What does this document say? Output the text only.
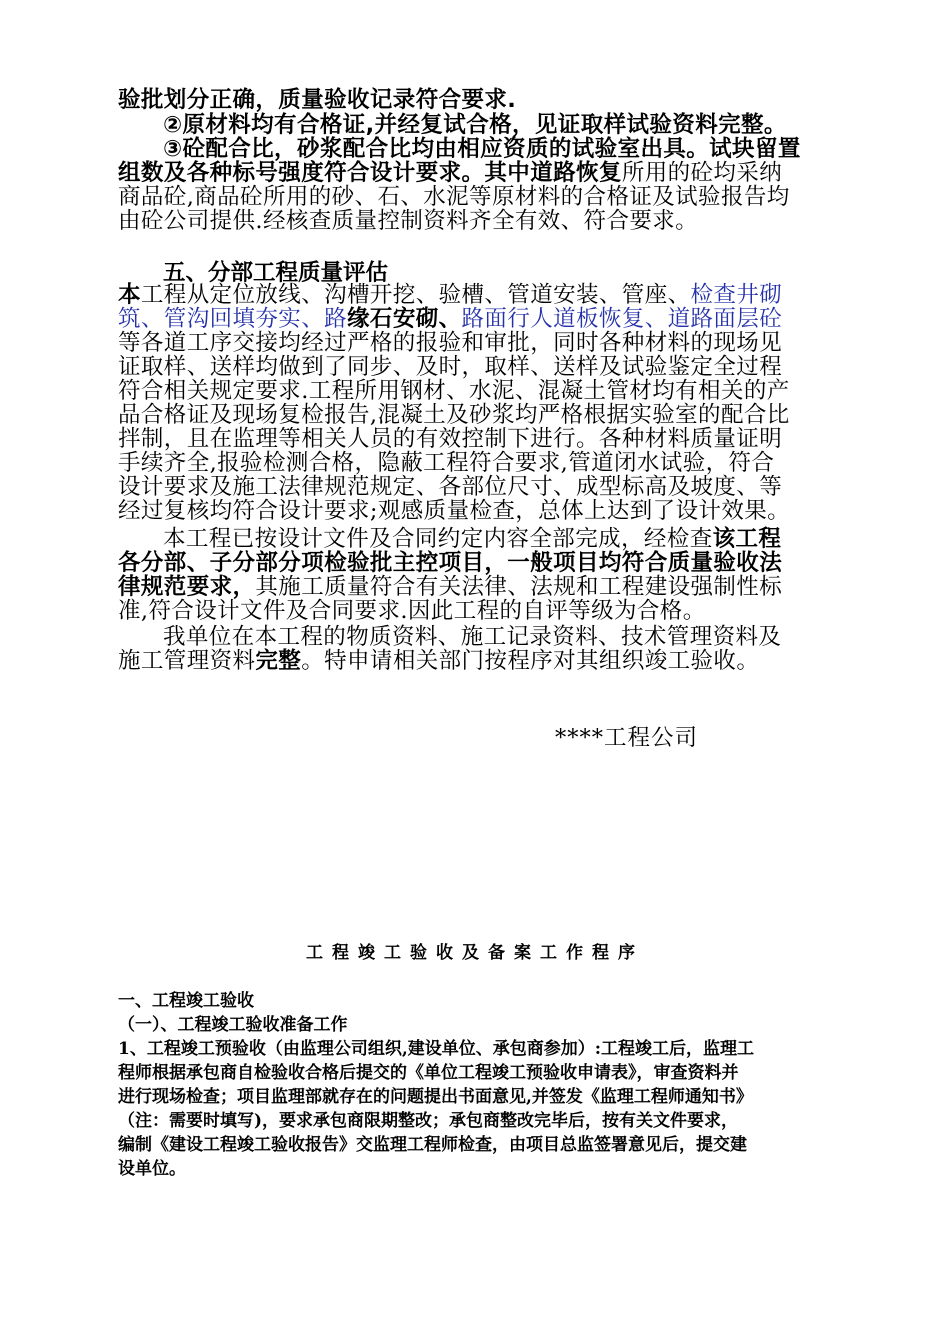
验批划分正确，质量验收记录符合要求.
②原材料均有合格证,并经复试合格，见证取样试验资料完整。
③砼配合比，砂浆配合比均由相应资质的试验室出具。试块留置
组数及各种标号强度符合设计要求。其中道路恢复所用的砼均采纳
商品砼,商品砼所用的砂、石、水泥等原材料的合格证及试验报告均
由砼公司提供.经核查质量控制资料齐全有效、符合要求。
五、分部工程质量评估
本工程从定位放线、沟槽开挖、验槽、管道安装、管座、检查井砌
筑、管沟回填夯实、路缘石安砌、路面行人道板恢复、道路面层砼
等各道工序交接均经过严格的报验和审批，同时各种材料的现场见
证取样、送样均做到了同步、及时，取样、送样及试验鉴定全过程
符合相关规定要求.工程所用钢材、水泥、混凝土管材均有相关的产
品合格证及现场复检报告,混凝土及砂浆均严格根据实验室的配合比
拌制，且在监理等相关人员的有效控制下进行。各种材料质量证明
手续齐全,报验检测合格，隐蔽工程符合要求,管道闭水试验，符合
设计要求及施工法律规范规定、各部位尺寸、成型标高及坡度、等
经过复核均符合设计要求;观感质量检查，总体上达到了设计效果。
本工程已按设计文件及合同约定内容全部完成，经检查该工程
各分部、子分部分项检验批主控项目，一般项目均符合质量验收法
律规范要求，其施工质量符合有关法律、法规和工程建设强制性标
准,符合设计文件及合同要求.因此工程的自评等级为合格。
我单位在本工程的物质资料、施工记录资料、技术管理资料及
施工管理资料完整。特申请相关部门按程序对其组织竣工验收。
****工程公司
工程竣工验收及备案工作程序
一、工程竣工验收
（一）、工程竣工验收准备工作
1、工程竣工预验收（由监理公司组织,建设单位、承包商参加）:工程竣工后，监理工
程师根据承包商自检验收合格后提交的《单位工程竣工预验收申请表》，审查资料并
进行现场检查；项目监理部就存在的问题提出书面意见,并签发《监理工程师通知书》
（注：需要时填写)，要求承包商限期整改；承包商整改完毕后，按有关文件要求，
编制《建设工程竣工验收报告》交监理工程师检查，由项目总监签署意见后，提交建
设单位。
